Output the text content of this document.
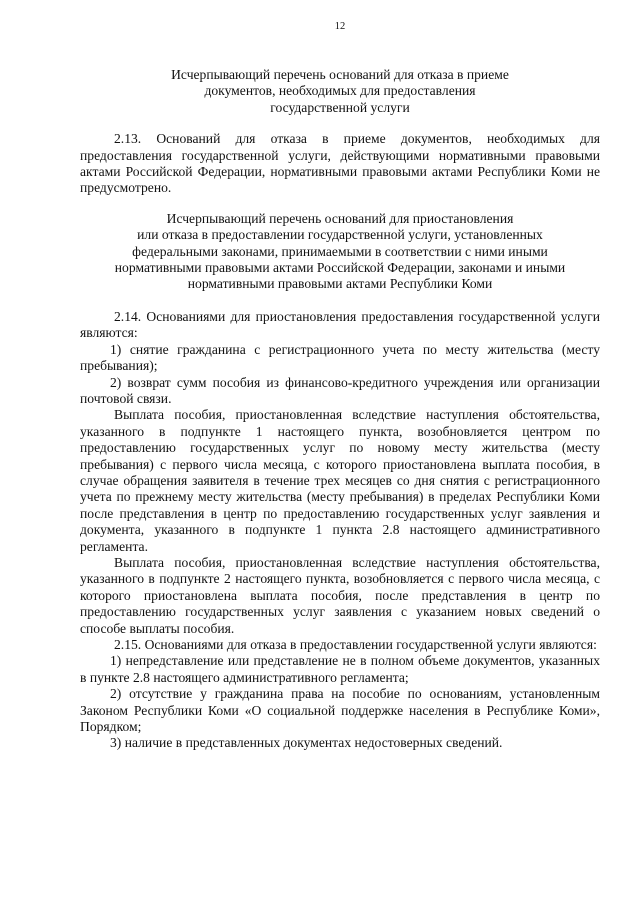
12
Исчерпывающий перечень оснований для отказа в приеме
документов, необходимых для предоставления
государственной услуги

2.13. Оснований для отказа в приеме документов, необходимых для предоставления государственной услуги, действующими нормативными правовыми актами Российской Федерации, нормативными правовыми актами Республики Коми не предусмотрено.

Исчерпывающий перечень оснований для приостановления
или отказа в предоставлении государственной услуги, установленных
федеральными законами, принимаемыми в соответствии с ними иными
нормативными правовыми актами Российской Федерации, законами и иными
нормативными правовыми актами Республики Коми

2.14. Основаниями для приостановления предоставления государственной услуги являются:

1) снятие гражданина с регистрационного учета по месту жительства (месту пребывания);

2) возврат сумм пособия из финансово-кредитного учреждения или организации почтовой связи.

Выплата пособия, приостановленная вследствие наступления обстоятельства, указанного в подпункте 1 настоящего пункта, возобновляется центром по предоставлению государственных услуг по новому месту жительства (месту пребывания) с первого числа месяца, с которого приостановлена выплата пособия, в случае обращения заявителя в течение трех месяцев со дня снятия с регистрационного учета по прежнему месту жительства (месту пребывания) в пределах Республики Коми после представления в центр по предоставлению государственных услуг заявления и документа, указанного в подпункте 1 пункта 2.8 настоящего административного регламента.

Выплата пособия, приостановленная вследствие наступления обстоятельства, указанного в подпункте 2 настоящего пункта, возобновляется с первого числа месяца, с которого приостановлена выплата пособия, после представления в центр по предоставлению государственных услуг заявления с указанием новых сведений о способе выплаты пособия.

2.15. Основаниями для отказа в предоставлении государственной услуги являются:

1) непредставление или представление не в полном объеме документов, указанных в пункте 2.8 настоящего административного регламента;

2) отсутствие у гражданина права на пособие по основаниям, установленным Законом Республики Коми «О социальной поддержке населения в Республике Коми», Порядком;

3) наличие в представленных документах недостоверных сведений.
